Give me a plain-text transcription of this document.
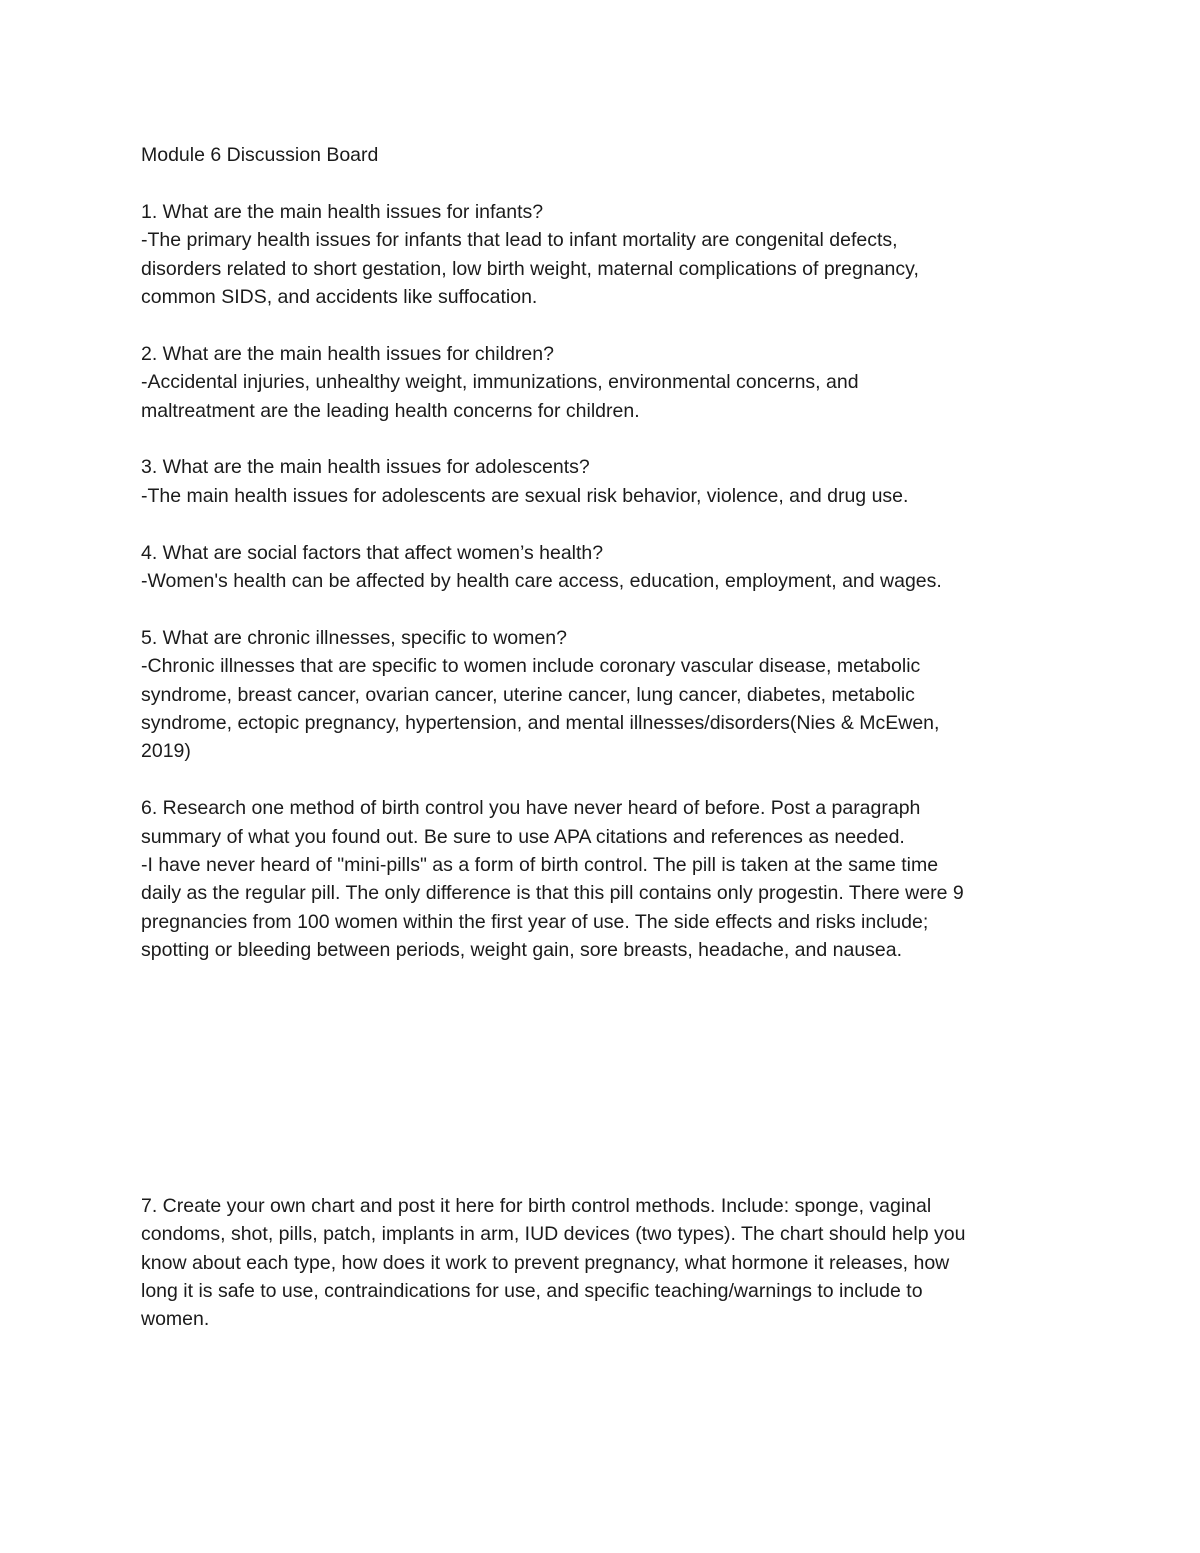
Module 6 Discussion Board
1. What are the main health issues for infants?
-The primary health issues for infants that lead to infant mortality are congenital defects,
disorders related to short gestation, low birth weight, maternal complications of pregnancy,
common SIDS, and accidents like suffocation.
2. What are the main health issues for children?
-Accidental injuries, unhealthy weight, immunizations, environmental concerns, and
maltreatment are the leading health concerns for children.
3. What are the main health issues for adolescents?
-The main health issues for adolescents are sexual risk behavior, violence, and drug use.
4. What are social factors that affect women’s health?
-Women's health can be affected by health care access, education, employment, and wages.
5. What are chronic illnesses, specific to women?
-Chronic illnesses that are specific to women include coronary vascular disease, metabolic
syndrome, breast cancer, ovarian cancer, uterine cancer, lung cancer, diabetes, metabolic
syndrome, ectopic pregnancy, hypertension, and mental illnesses/disorders(Nies & McEwen,
2019)
6. Research one method of birth control you have never heard of before. Post a paragraph
summary of what you found out. Be sure to use APA citations and references as needed.
-I have never heard of "mini-pills" as a form of birth control. The pill is taken at the same time
daily as the regular pill. The only difference is that this pill contains only progestin. There were 9
pregnancies from 100 women within the first year of use. The side effects and risks include;
spotting or bleeding between periods, weight gain, sore breasts, headache, and nausea.
7. Create your own chart and post it here for birth control methods. Include: sponge, vaginal
condoms, shot, pills, patch, implants in arm, IUD devices (two types). The chart should help you
know about each type, how does it work to prevent pregnancy, what hormone it releases, how
long it is safe to use, contraindications for use, and specific teaching/warnings to include to
women.
